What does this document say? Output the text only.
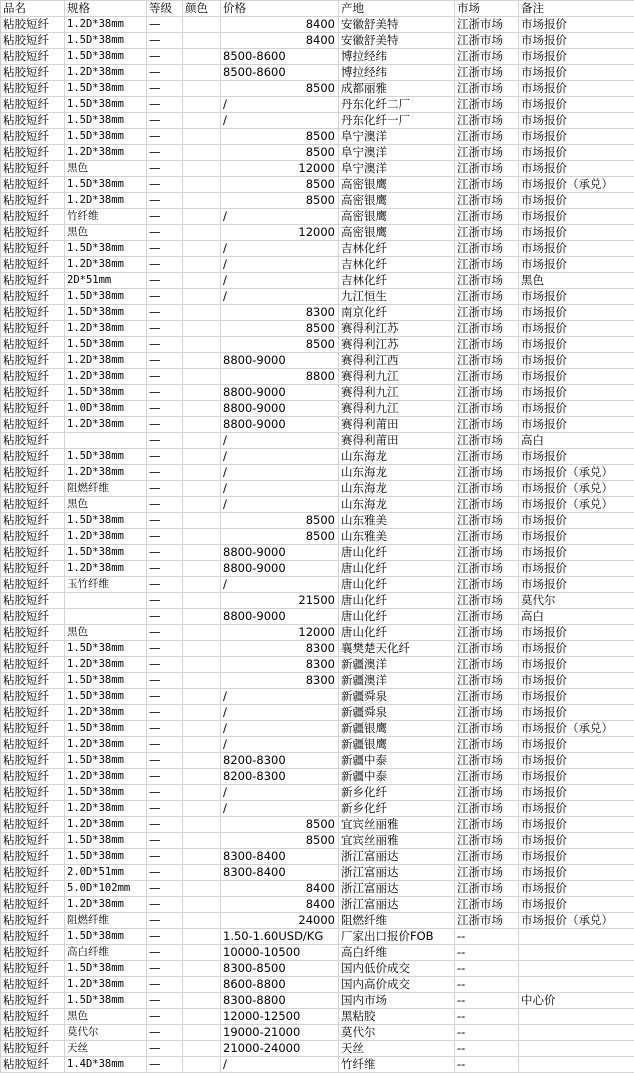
品名	规格	等级	颜色	价格	产地	市场	备注
粘胶短纤	1.2D*38mm	—		8400	安徽舒美特	江浙市场	市场报价
粘胶短纤	1.5D*38mm	—		8400	安徽舒美特	江浙市场	市场报价
粘胶短纤	1.5D*38mm	—		8500-8600	博拉经纬	江浙市场	市场报价
粘胶短纤	1.2D*38mm	—		8500-8600	博拉经纬	江浙市场	市场报价
粘胶短纤	1.5D*38mm	—		8500	成都丽雅	江浙市场	市场报价
粘胶短纤	1.5D*38mm	—		/	丹东化纤二厂	江浙市场	市场报价
粘胶短纤	1.5D*38mm	—		/	丹东化纤一厂	江浙市场	市场报价
粘胶短纤	1.5D*38mm	—		8500	阜宁澳洋	江浙市场	市场报价
粘胶短纤	1.2D*38mm	—		8500	阜宁澳洋	江浙市场	市场报价
粘胶短纤	黑色	—		12000	阜宁澳洋	江浙市场	市场报价
粘胶短纤	1.5D*38mm	—		8500	高密银鹰	江浙市场	市场报价（承兑）
粘胶短纤	1.2D*38mm	—		8500	高密银鹰	江浙市场	市场报价
粘胶短纤	竹纤维	—		/	高密银鹰	江浙市场	市场报价
粘胶短纤	黑色	—		12000	高密银鹰	江浙市场	市场报价
粘胶短纤	1.5D*38mm	—		/	吉林化纤	江浙市场	市场报价
粘胶短纤	1.2D*38mm	—		/	吉林化纤	江浙市场	市场报价
粘胶短纤	2D*51mm	—		/	吉林化纤	江浙市场	黑色
粘胶短纤	1.5D*38mm	—		/	九江恒生	江浙市场	市场报价
粘胶短纤	1.5D*38mm	—		8300	南京化纤	江浙市场	市场报价
粘胶短纤	1.2D*38mm	—		8500	赛得利江苏	江浙市场	市场报价
粘胶短纤	1.5D*38mm	—		8500	赛得利江苏	江浙市场	市场报价
粘胶短纤	1.2D*38mm	—		8800-9000	赛得利江西	江浙市场	市场报价
粘胶短纤	1.2D*38mm	—		8800	赛得利九江	江浙市场	市场报价
粘胶短纤	1.5D*38mm	—		8800-9000	赛得利九江	江浙市场	市场报价
粘胶短纤	1.0D*38mm	—		8800-9000	赛得利九江	江浙市场	市场报价
粘胶短纤	1.2D*38mm	—		8800-9000	赛得利莆田	江浙市场	市场报价
粘胶短纤		—		/	赛得利莆田	江浙市场	高白
粘胶短纤	1.5D*38mm	—		/	山东海龙	江浙市场	市场报价
粘胶短纤	1.2D*38mm	—		/	山东海龙	江浙市场	市场报价（承兑）
粘胶短纤	阻燃纤维	—		/	山东海龙	江浙市场	市场报价（承兑）
粘胶短纤	黑色	—		/	山东海龙	江浙市场	市场报价（承兑）
粘胶短纤	1.5D*38mm	—		8500	山东雅美	江浙市场	市场报价
粘胶短纤	1.2D*38mm	—		8500	山东雅美	江浙市场	市场报价
粘胶短纤	1.5D*38mm	—		8800-9000	唐山化纤	江浙市场	市场报价
粘胶短纤	1.2D*38mm	—		8800-9000	唐山化纤	江浙市场	市场报价
粘胶短纤	玉竹纤维	—		/	唐山化纤	江浙市场	市场报价
粘胶短纤		—		21500	唐山化纤	江浙市场	莫代尔
粘胶短纤		—		8800-9000	唐山化纤	江浙市场	高白
粘胶短纤	黑色	—		12000	唐山化纤	江浙市场	市场报价
粘胶短纤	1.5D*38mm	—		8300	襄樊楚天化纤	江浙市场	市场报价
粘胶短纤	1.2D*38mm	—		8300	新疆澳洋	江浙市场	市场报价
粘胶短纤	1.5D*38mm	—		8300	新疆澳洋	江浙市场	市场报价
粘胶短纤	1.5D*38mm	—		/	新疆舜泉	江浙市场	市场报价
粘胶短纤	1.2D*38mm	—		/	新疆舜泉	江浙市场	市场报价
粘胶短纤	1.5D*38mm	—		/	新疆银鹰	江浙市场	市场报价（承兑）
粘胶短纤	1.2D*38mm	—		/	新疆银鹰	江浙市场	市场报价
粘胶短纤	1.5D*38mm	—		8200-8300	新疆中泰	江浙市场	市场报价
粘胶短纤	1.2D*38mm	—		8200-8300	新疆中泰	江浙市场	市场报价
粘胶短纤	1.5D*38mm	—		/	新乡化纤	江浙市场	市场报价
粘胶短纤	1.2D*38mm	—		/	新乡化纤	江浙市场	市场报价
粘胶短纤	1.2D*38mm	—		8500	宜宾丝丽雅	江浙市场	市场报价
粘胶短纤	1.5D*38mm	—		8500	宜宾丝丽雅	江浙市场	市场报价
粘胶短纤	1.5D*38mm	—		8300-8400	浙江富丽达	江浙市场	市场报价
粘胶短纤	2.0D*51mm	—		8300-8400	浙江富丽达	江浙市场	市场报价
粘胶短纤	5.0D*102mm	—		8400	浙江富丽达	江浙市场	市场报价
粘胶短纤	1.2D*38mm	—		8400	浙江富丽达	江浙市场	市场报价
粘胶短纤	阻燃纤维	—		24000	阻燃纤维	江浙市场	市场报价（承兑）
粘胶短纤	1.5D*38mm	—		1.50-1.60USD/KG	厂家出口报价FOB	--	
粘胶短纤	高白纤维	—		10000-10500	高白纤维	--	
粘胶短纤	1.5D*38mm	—		8300-8500	国内低价成交	--	
粘胶短纤	1.2D*38mm	—		8600-8800	国内高价成交	--	
粘胶短纤	1.5D*38mm	—		8300-8800	国内市场	--	中心价
粘胶短纤	黑色	—		12000-12500	黑粘胶	--	
粘胶短纤	莫代尔	—		19000-21000	莫代尔	--	
粘胶短纤	天丝	—		21000-24000	天丝	--	
粘胶短纤	1.4D*38mm	—		/	竹纤维	--	
